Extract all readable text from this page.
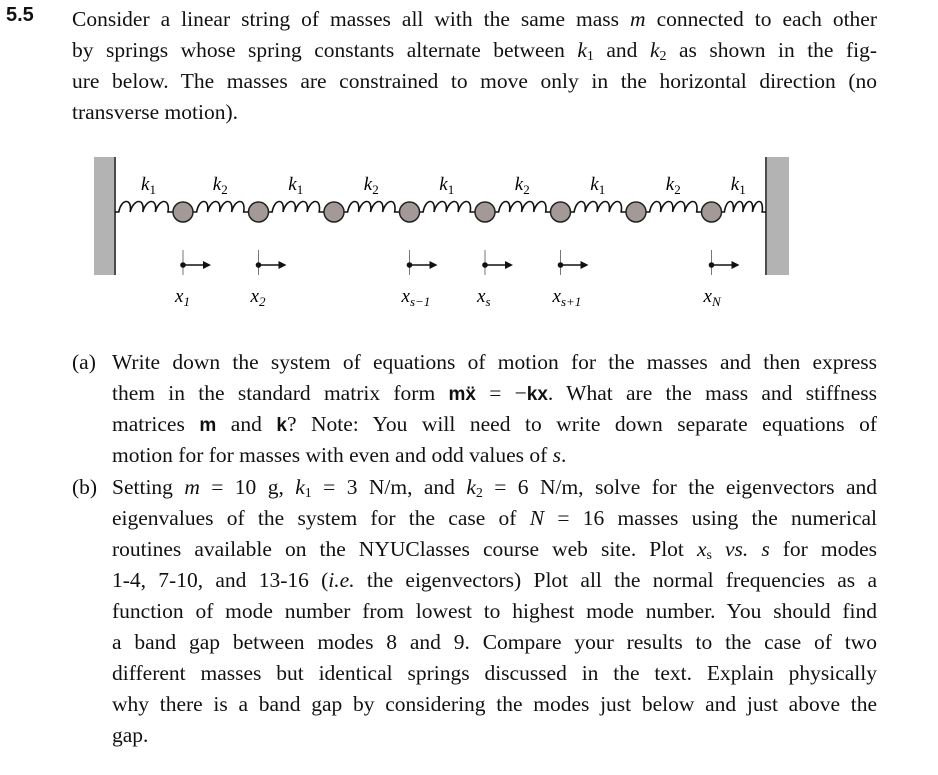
5.5 Consider a linear string of masses all with the same mass m connected to each other
by springs whose spring constants alternate between $k_1$ and $k_2$ as shown in the fig-
ure below. The masses are constrained to move only in the horizontal direction (no
transverse motion).
(a) Write down the system of equations of motion for the masses and then express
them in the standard matrix form mẍ = −kx. What are the mass and stiffness
matrices m and k? Note: You will need to write down separate equations of
motion for for masses with even and odd values of s.
(b) Setting m = 10 g, $k_1 = 3$ N/m, and $k_2 = 6$ N/m, solve for the eigenvectors and
eigenvalues of the system for the case of N = 16 masses using the numerical
routines available on the NYUClasses course web site. Plot $x_s$ vs. s for modes
1-4, 7-10, and 13-16 (i.e. the eigenvectors) Plot all the normal frequencies as a
function of mode number from lowest to highest mode number. You should find
a band gap between modes 8 and 9. Compare your results to the case of two
different masses but identical springs discussed in the text. Explain physically
why there is a band gap by considering the modes just below and just above the
gap.
$k_1$	$k_2$	$k_1$	$k_2$	$k_1$	$k_2$	$k_1$	$k_2$	$k_1$
$x_1$	$x_2$	$x_{s-1}$ $x_s$	$x_{s+1}$	$x_N$
